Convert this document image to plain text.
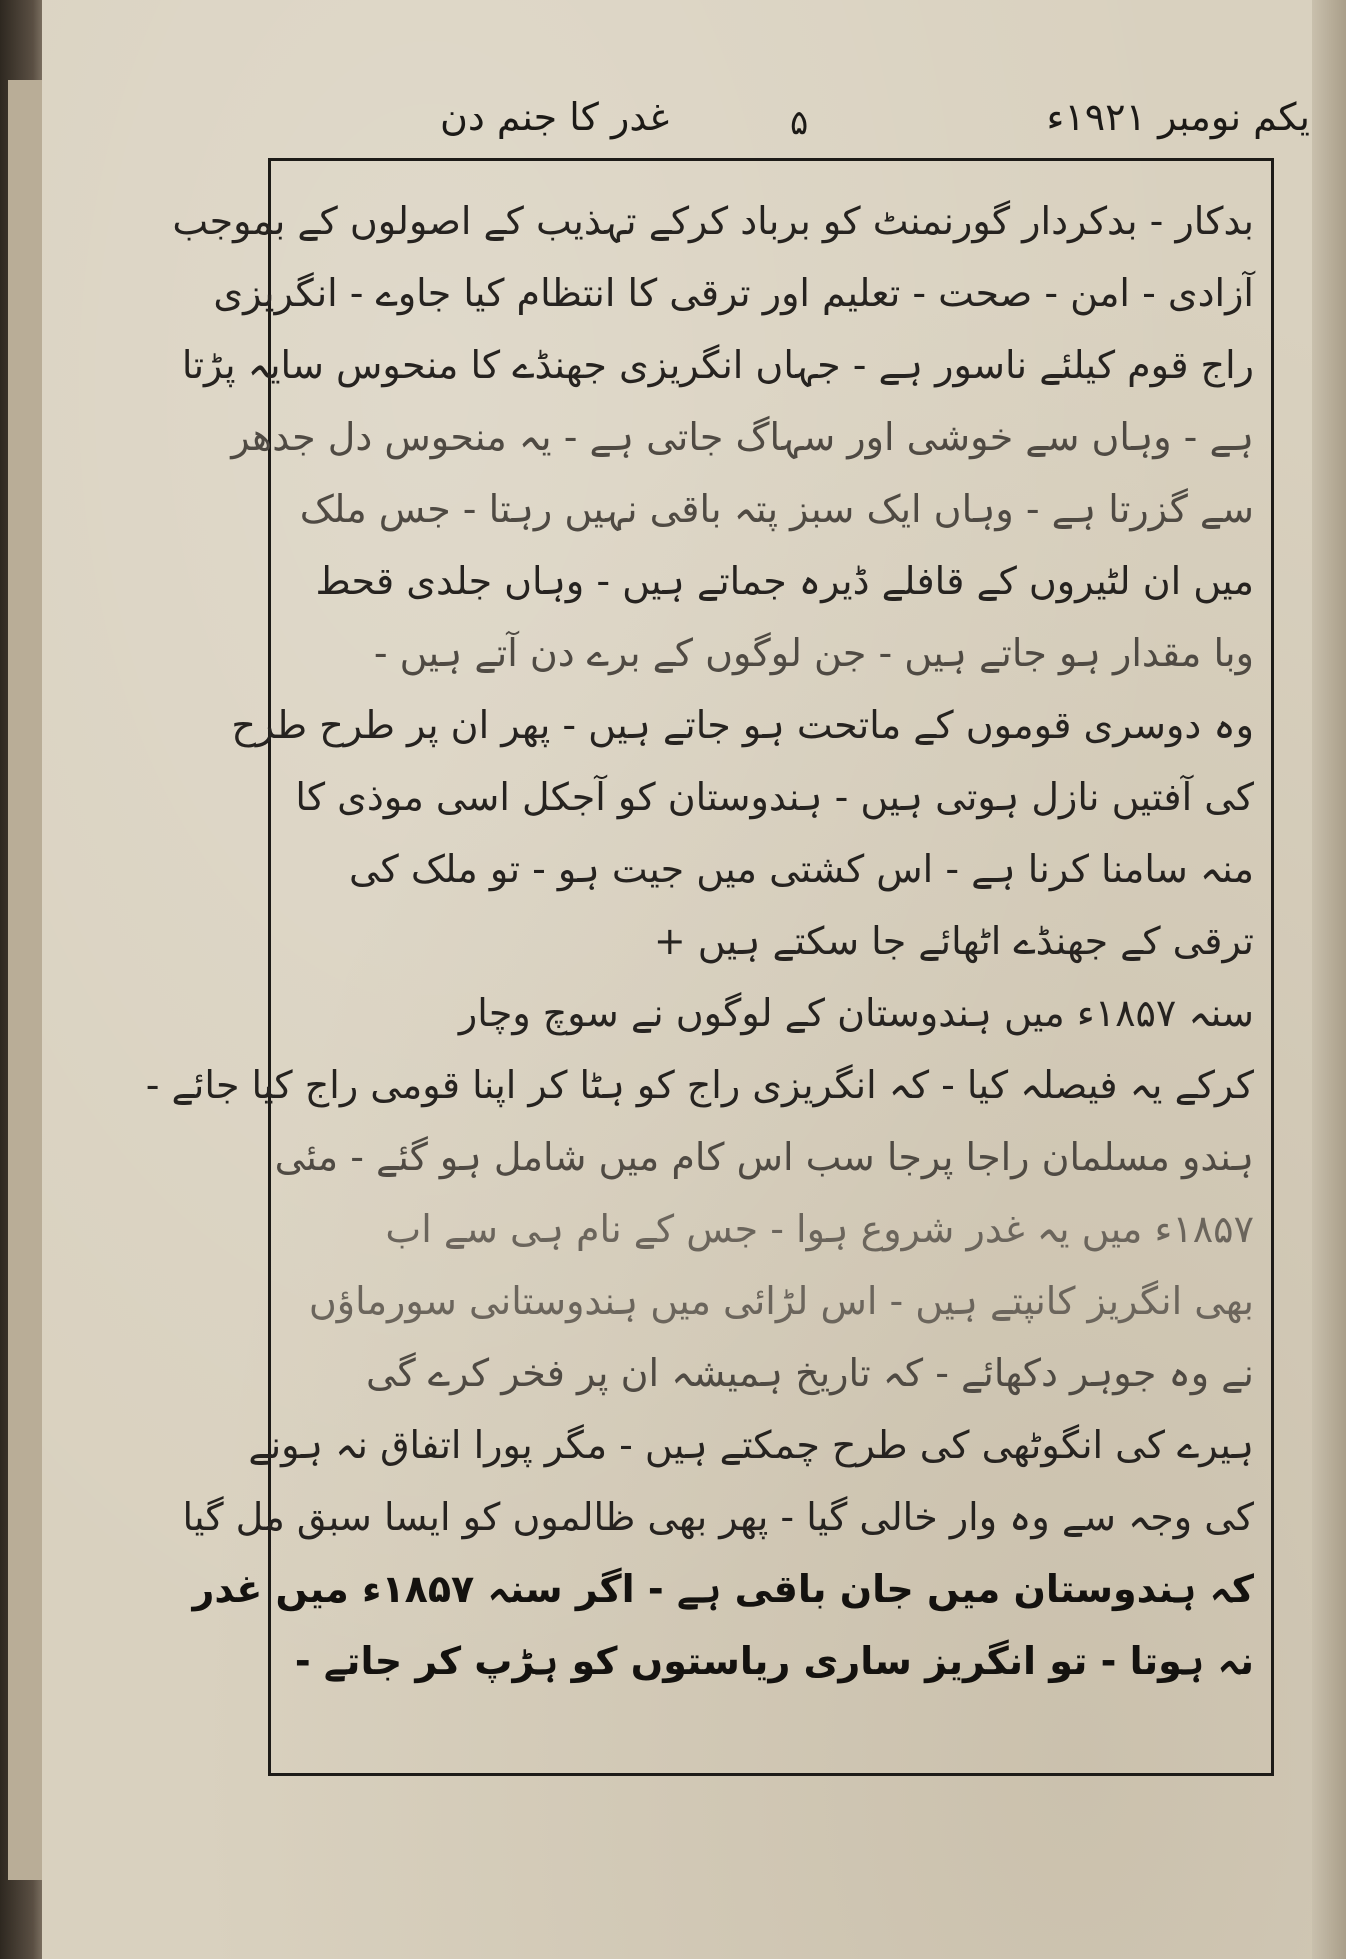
یکم نومبر ۱۹۲۱ء
۵
غدر کا جنم دن
بدکار - بدکردار گورنمنٹ کو برباد کرکے تہذیب کے اصولوں کے بموجب
آزادی - امن - صحت - تعلیم اور ترقی کا انتظام کیا جاوے - انگریزی
راج قوم کیلئے ناسور ہے - جہاں انگریزی جھنڈے کا منحوس سایہ پڑتا
ہے - وہاں سے خوشی اور سہاگ جاتی ہے - یہ منحوس دل جدھر
سے گزرتا ہے - وہاں ایک سبز پتہ باقی نہیں رہتا - جس ملک
میں ان لٹیروں کے قافلے ڈیرہ جماتے ہیں - وہاں جلدی قحط
وبا مقدار ہو جاتے ہیں - جن لوگوں کے برے دن آتے ہیں -
وہ دوسری قوموں کے ماتحت ہو جاتے ہیں - پھر ان پر طرح طرح
کی آفتیں نازل ہوتی ہیں - ہندوستان کو آجکل اسی موذی کا
منہ سامنا کرنا ہے - اس کشتی میں جیت ہو - تو ملک کی
ترقی کے جھنڈے اٹھائے جا سکتے ہیں +
سنہ ۱۸۵۷ء میں ہندوستان کے لوگوں نے سوچ وچار
کرکے یہ فیصلہ کیا - کہ انگریزی راج کو ہٹا کر اپنا قومی راج کیا جائے -
ہندو مسلمان راجا پرجا سب اس کام میں شامل ہو گئے - مئی
۱۸۵۷ء میں یہ غدر شروع ہوا - جس کے نام ہی سے اب
بھی انگریز کانپتے ہیں - اس لڑائی میں ہندوستانی سورماؤں
نے وہ جوہر دکھائے - کہ تاریخ ہمیشہ ان پر فخر کرے گی
ہیرے کی انگوٹھی کی طرح چمکتے ہیں - مگر پورا اتفاق نہ ہونے
کی وجہ سے وہ وار خالی گیا - پھر بھی ظالموں کو ایسا سبق مل گیا
کہ ہندوستان میں جان باقی ہے - اگر سنہ ۱۸۵۷ء میں غدر
نہ ہوتا - تو انگریز ساری ریاستوں کو ہڑپ کر جاتے -
